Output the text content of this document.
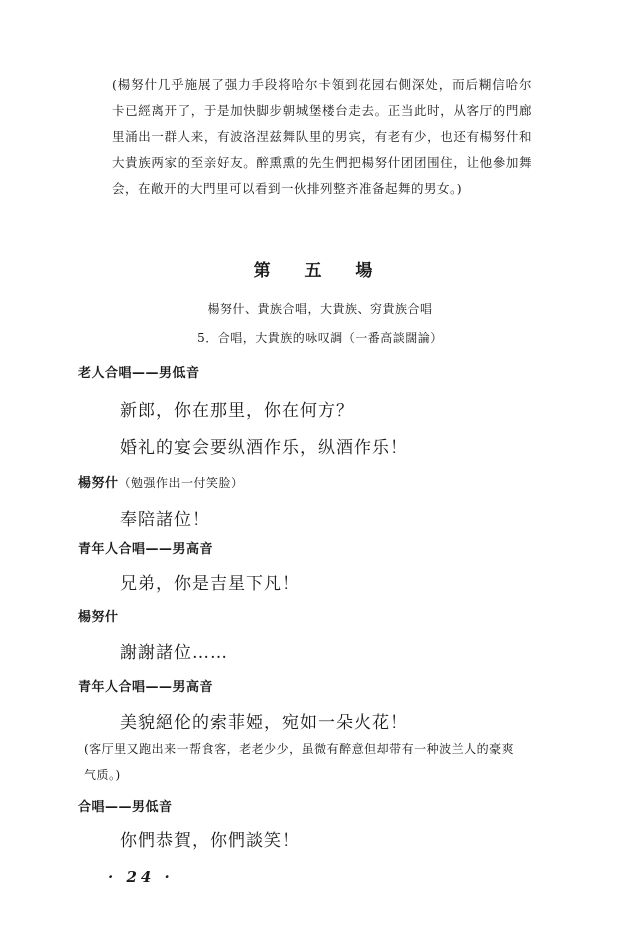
(楊努什几乎施展了强力手段将哈尔卡領到花园右側深处，而后糊信哈尔卡已經离开了，于是加快脚步朝城堡楼台走去。正当此时，从客厅的門廊里涌出一群人来，有波洛涅兹舞队里的男宾，有老有少，也还有楊努什和大貴族两家的至亲好友。醉熏熏的先生們把楊努什团团围住，让他參加舞会，在敞开的大門里可以看到一伙排列整齐准备起舞的男女。)
第 五 場
楊努什、貴族合唱，大貴族、穷貴族合唱
5．合唱，大貴族的咏叹調（一番高談闊論）
老人合唱——男低音
新郎，你在那里，你在何方？
婚礼的宴会要纵酒作乐，纵酒作乐！
楊努什（勉强作出一付笑脸）
奉陪諸位！
青年人合唱——男高音
兄弟，你是吉星下凡！
楊努什
謝謝諸位……
青年人合唱——男高音
美貌絕伦的索菲婭，宛如一朵火花！
(客厅里又跑出来一帮食客，老老少少，虽微有醉意但却带有一种波兰人的豪爽气质。)
合唱——男低音
你們恭賀，你們談笑！
· 24 ·
